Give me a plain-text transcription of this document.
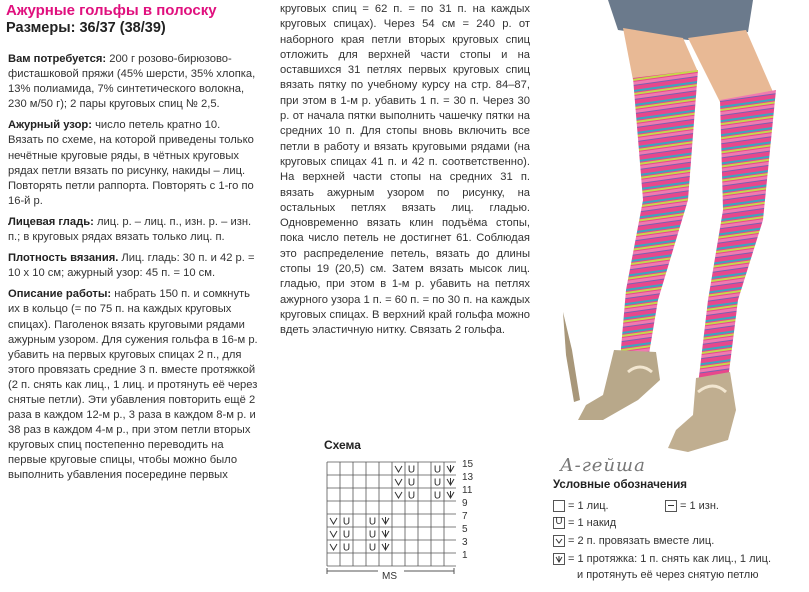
Ажурные гольфы в полоску
Размеры: 36/37 (38/39)

Вам потребуется: 200 г розово-бирюзово-фисташковой пряжи (45% шерсти, 35% хлопка, 13% полиамида, 7% синтетического волокна, 230 м/50 г); 2 пары круговых спиц № 2,5.

Ажурный узор: число петель кратно 10. Вязать по схеме, на которой приведены только нечётные круговые ряды, в чётных круговых рядах петли вязать по рисунку, накиды – лиц. Повторять петли раппорта. Повторять с 1-го по 16-й р.

Лицевая гладь: лиц. р. – лиц. п., изн. р. – изн. п.; в круговых рядах вязать только лиц. п.

Плотность вязания. Лиц. гладь: 30 п. и 42 р. = 10 х 10 см; ажурный узор: 45 п. = 10 см.

Описание работы: набрать 150 п. и сомкнуть их в кольцо (= по 75 п. на каждых круговых спицах). Паголенок вязать круговыми рядами ажурным узором. Для сужения гольфа в 16-м р. убавить на первых круговых спицах 2 п., для этого провязать средние 3 п. вместе протяжкой (2 п. снять как лиц., 1 лиц. и протянуть её через снятые петли). Эти убавления повторить ещё 2 раза в каждом 12-м р., 3 раза в каждом 8-м р. и 38 раз в каждом 4-м р., при этом петли вторых круговых спиц постепенно переводить на первые круговые спицы, чтобы можно было выполнить убавления посередине первых

круговых спиц = 62 п. = по 31 п. на каждых круговых спицах). Через 54 см = 240 р. от наборного края петли вторых круговых спиц отложить для верхней части стопы и на оставшихся 31 петлях первых круговых спиц вязать пятку по учебному курсу на стр. 84–87, при этом в 1-м р. убавить 1 п. = 30 п. Через 30 р. от начала пятки выполнить чашечку пятки на средних 10 п. Для стопы вновь включить все петли в работу и вязать круговыми рядами (на круговых спицах 41 п. и 42 п. соответственно). На верхней части стопы на средних 31 п. вязать ажурным узором по рисунку, на остальных петлях вязать лиц. гладью. Одновременно вязать клин подъёма стопы, пока число петель не достигнет 61. Соблюдая это распределение петель, вязать до длины стопы 19 (20,5) см. Затем вязать мысок лиц. гладью, при этом в 1-м р. убавить на петлях ажурного узора 1 п. = 60 п. = по 30 п. на каждых круговых спицах. В верхний край гольфа можно вдеть эластичную нитку. Связать 2 гольфа.

Схема
U U
U U
U U
U U
U U
U U
15
13
11
9
7
5
3
1
MS
Условные обозначения
= 1 лиц.	= 1 изн.
U = 1 накид
= 2 п. провязать вместе лиц.
= 1 протяжка: 1 п. снять как лиц., 1 лиц.
и протянуть её через снятую петлю
А-гейша
